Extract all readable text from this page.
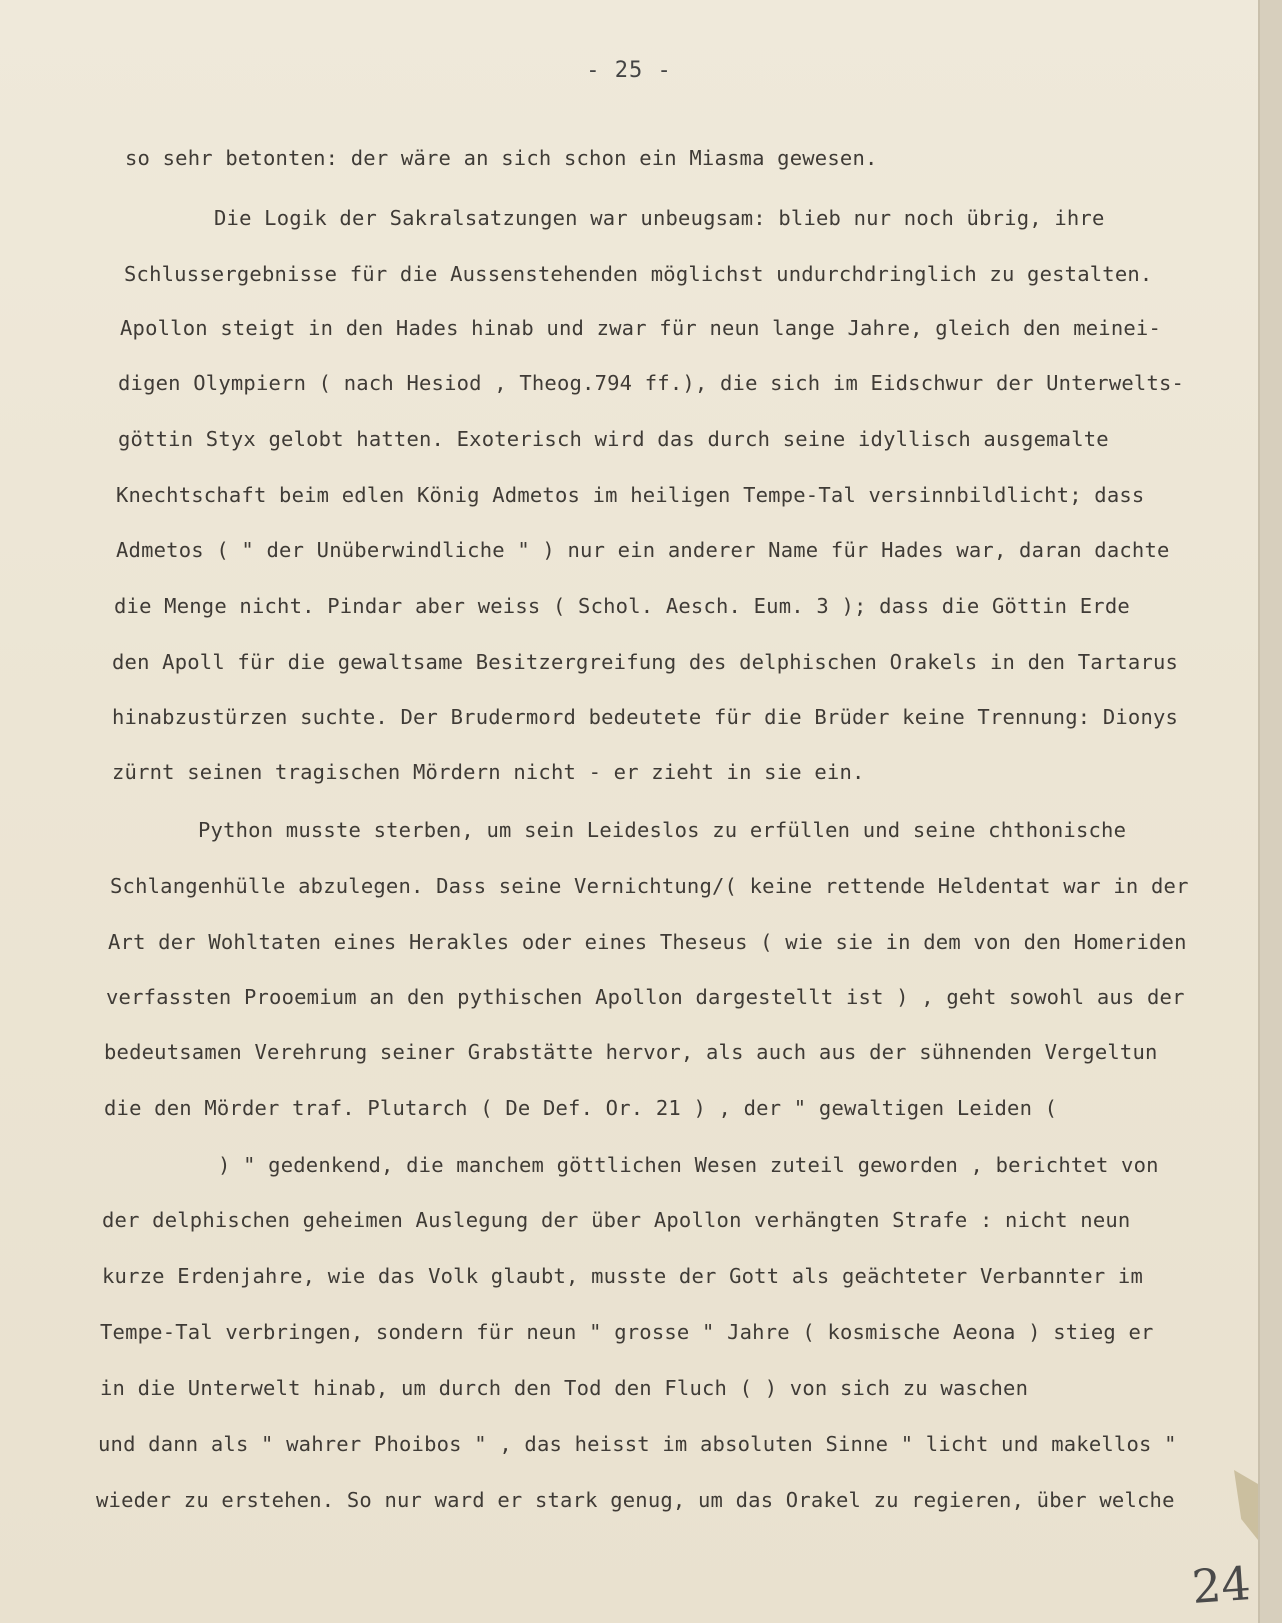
- 25 -
so sehr betonten: der wäre an sich schon ein Miasma gewesen.
Die Logik der Sakralsatzungen war unbeugsam: blieb nur noch übrig, ihre
Schlussergebnisse für die Aussenstehenden möglichst undurchdringlich zu gestalten.
Apollon steigt in den Hades hinab und zwar für neun lange Jahre, gleich den meinei-
digen Olympiern ( nach Hesiod , Theog.794 ff.), die sich im Eidschwur der Unterwelts-
göttin Styx gelobt hatten. Exoterisch wird das durch seine idyllisch ausgemalte
Knechtschaft beim edlen König Admetos im heiligen Tempe-Tal versinnbildlicht; dass
Admetos ( " der Unüberwindliche " ) nur ein anderer Name für Hades war, daran dachte
die Menge nicht. Pindar aber weiss ( Schol. Aesch. Eum. 3 ); dass die Göttin Erde
den Apoll für die gewaltsame Besitzergreifung des delphischen Orakels in den Tartarus
hinabzustürzen suchte. Der Brudermord bedeutete für die Brüder keine Trennung: Dionys
zürnt seinen tragischen Mördern nicht - er zieht in sie ein.
Python musste sterben, um sein Leideslos zu erfüllen und seine chthonische
Schlangenhülle abzulegen. Dass seine Vernichtung/( keine rettende Heldentat war in der
Art der Wohltaten eines Herakles oder eines Theseus ( wie sie in dem von den Homeriden
verfassten Prooemium an den pythischen Apollon dargestellt ist ) , geht sowohl aus der
bedeutsamen Verehrung seiner Grabstätte hervor, als auch aus der sühnenden Vergeltun
die den Mörder traf. Plutarch ( De Def. Or. 21 ) , der " gewaltigen Leiden (
) " gedenkend, die manchem göttlichen Wesen zuteil geworden , berichtet von
der delphischen geheimen Auslegung der über Apollon verhängten Strafe : nicht neun
kurze Erdenjahre, wie das Volk glaubt, musste der Gott als geächteter Verbannter im
Tempe-Tal verbringen, sondern für neun " grosse " Jahre ( kosmische Aeona ) stieg er
in die Unterwelt hinab, um durch den Tod den Fluch ( ) von sich zu waschen
und dann als " wahrer Phoibos " , das heisst im absoluten Sinne " licht und makellos "
wieder zu erstehen. So nur ward er stark genug, um das Orakel zu regieren, über welche
24
